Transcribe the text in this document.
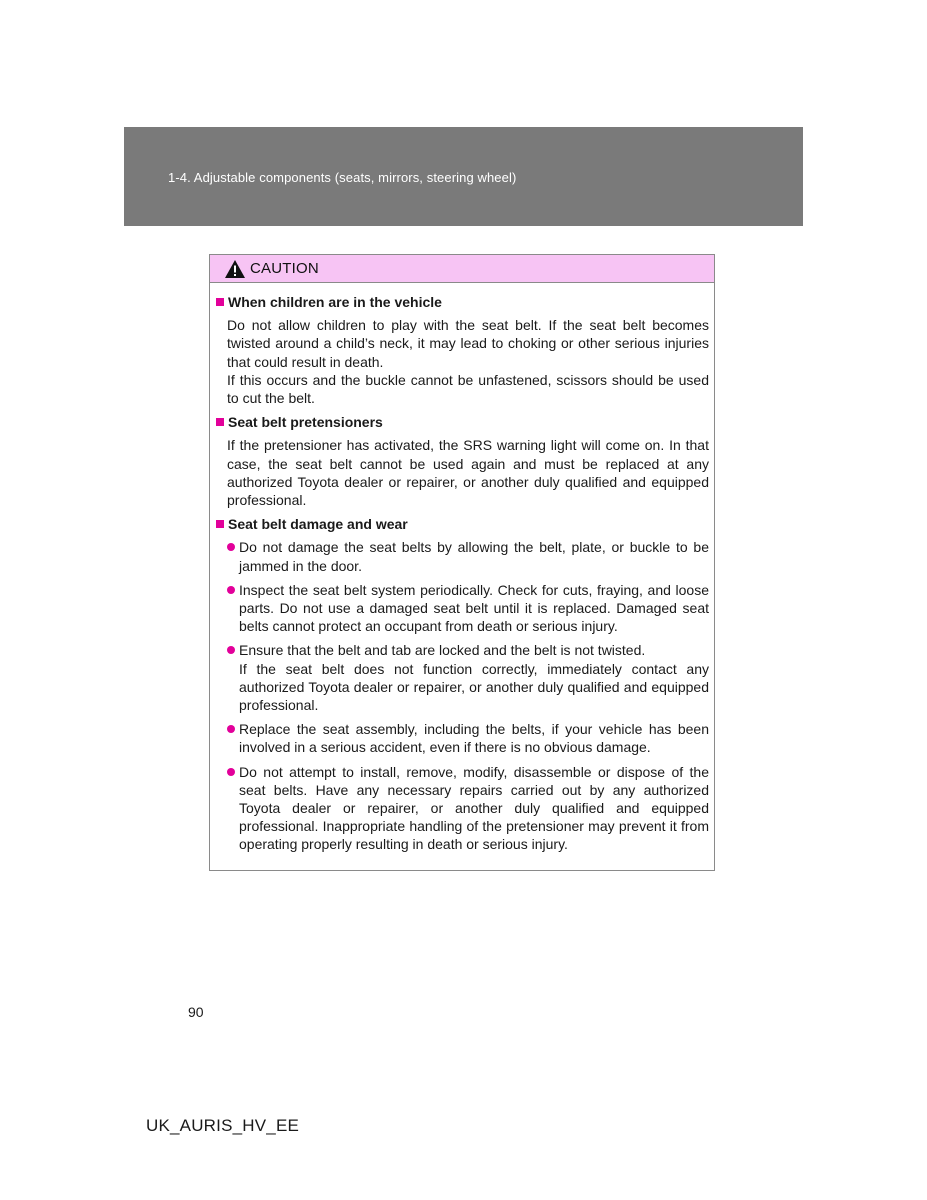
1-4. Adjustable components (seats, mirrors, steering wheel)
CAUTION
When children are in the vehicle

Do not allow children to play with the seat belt. If the seat belt becomes twisted around a child’s neck, it may lead to choking or other serious injuries that could result in death.

If this occurs and the buckle cannot be unfastened, scissors should be used to cut the belt.

Seat belt pretensioners

If the pretensioner has activated, the SRS warning light will come on. In that case, the seat belt cannot be used again and must be replaced at any authorized Toyota dealer or repairer, or another duly qualified and equipped professional.

Seat belt damage and wear

Do not damage the seat belts by allowing the belt, plate, or buckle to be jammed in the door.

Inspect the seat belt system periodically. Check for cuts, fraying, and loose parts. Do not use a damaged seat belt until it is replaced. Damaged seat belts cannot protect an occupant from death or serious injury.

Ensure that the belt and tab are locked and the belt is not twisted.

If the seat belt does not function correctly, immediately contact any authorized Toyota dealer or repairer, or another duly qualified and equipped professional.

Replace the seat assembly, including the belts, if your vehicle has been involved in a serious accident, even if there is no obvious damage.

Do not attempt to install, remove, modify, disassemble or dispose of the seat belts. Have any necessary repairs carried out by any authorized Toyota dealer or repairer, or another duly qualified and equipped professional. Inappropriate handling of the pretensioner may prevent it from operating properly resulting in death or serious injury.

90
UK_AURIS_HV_EE
